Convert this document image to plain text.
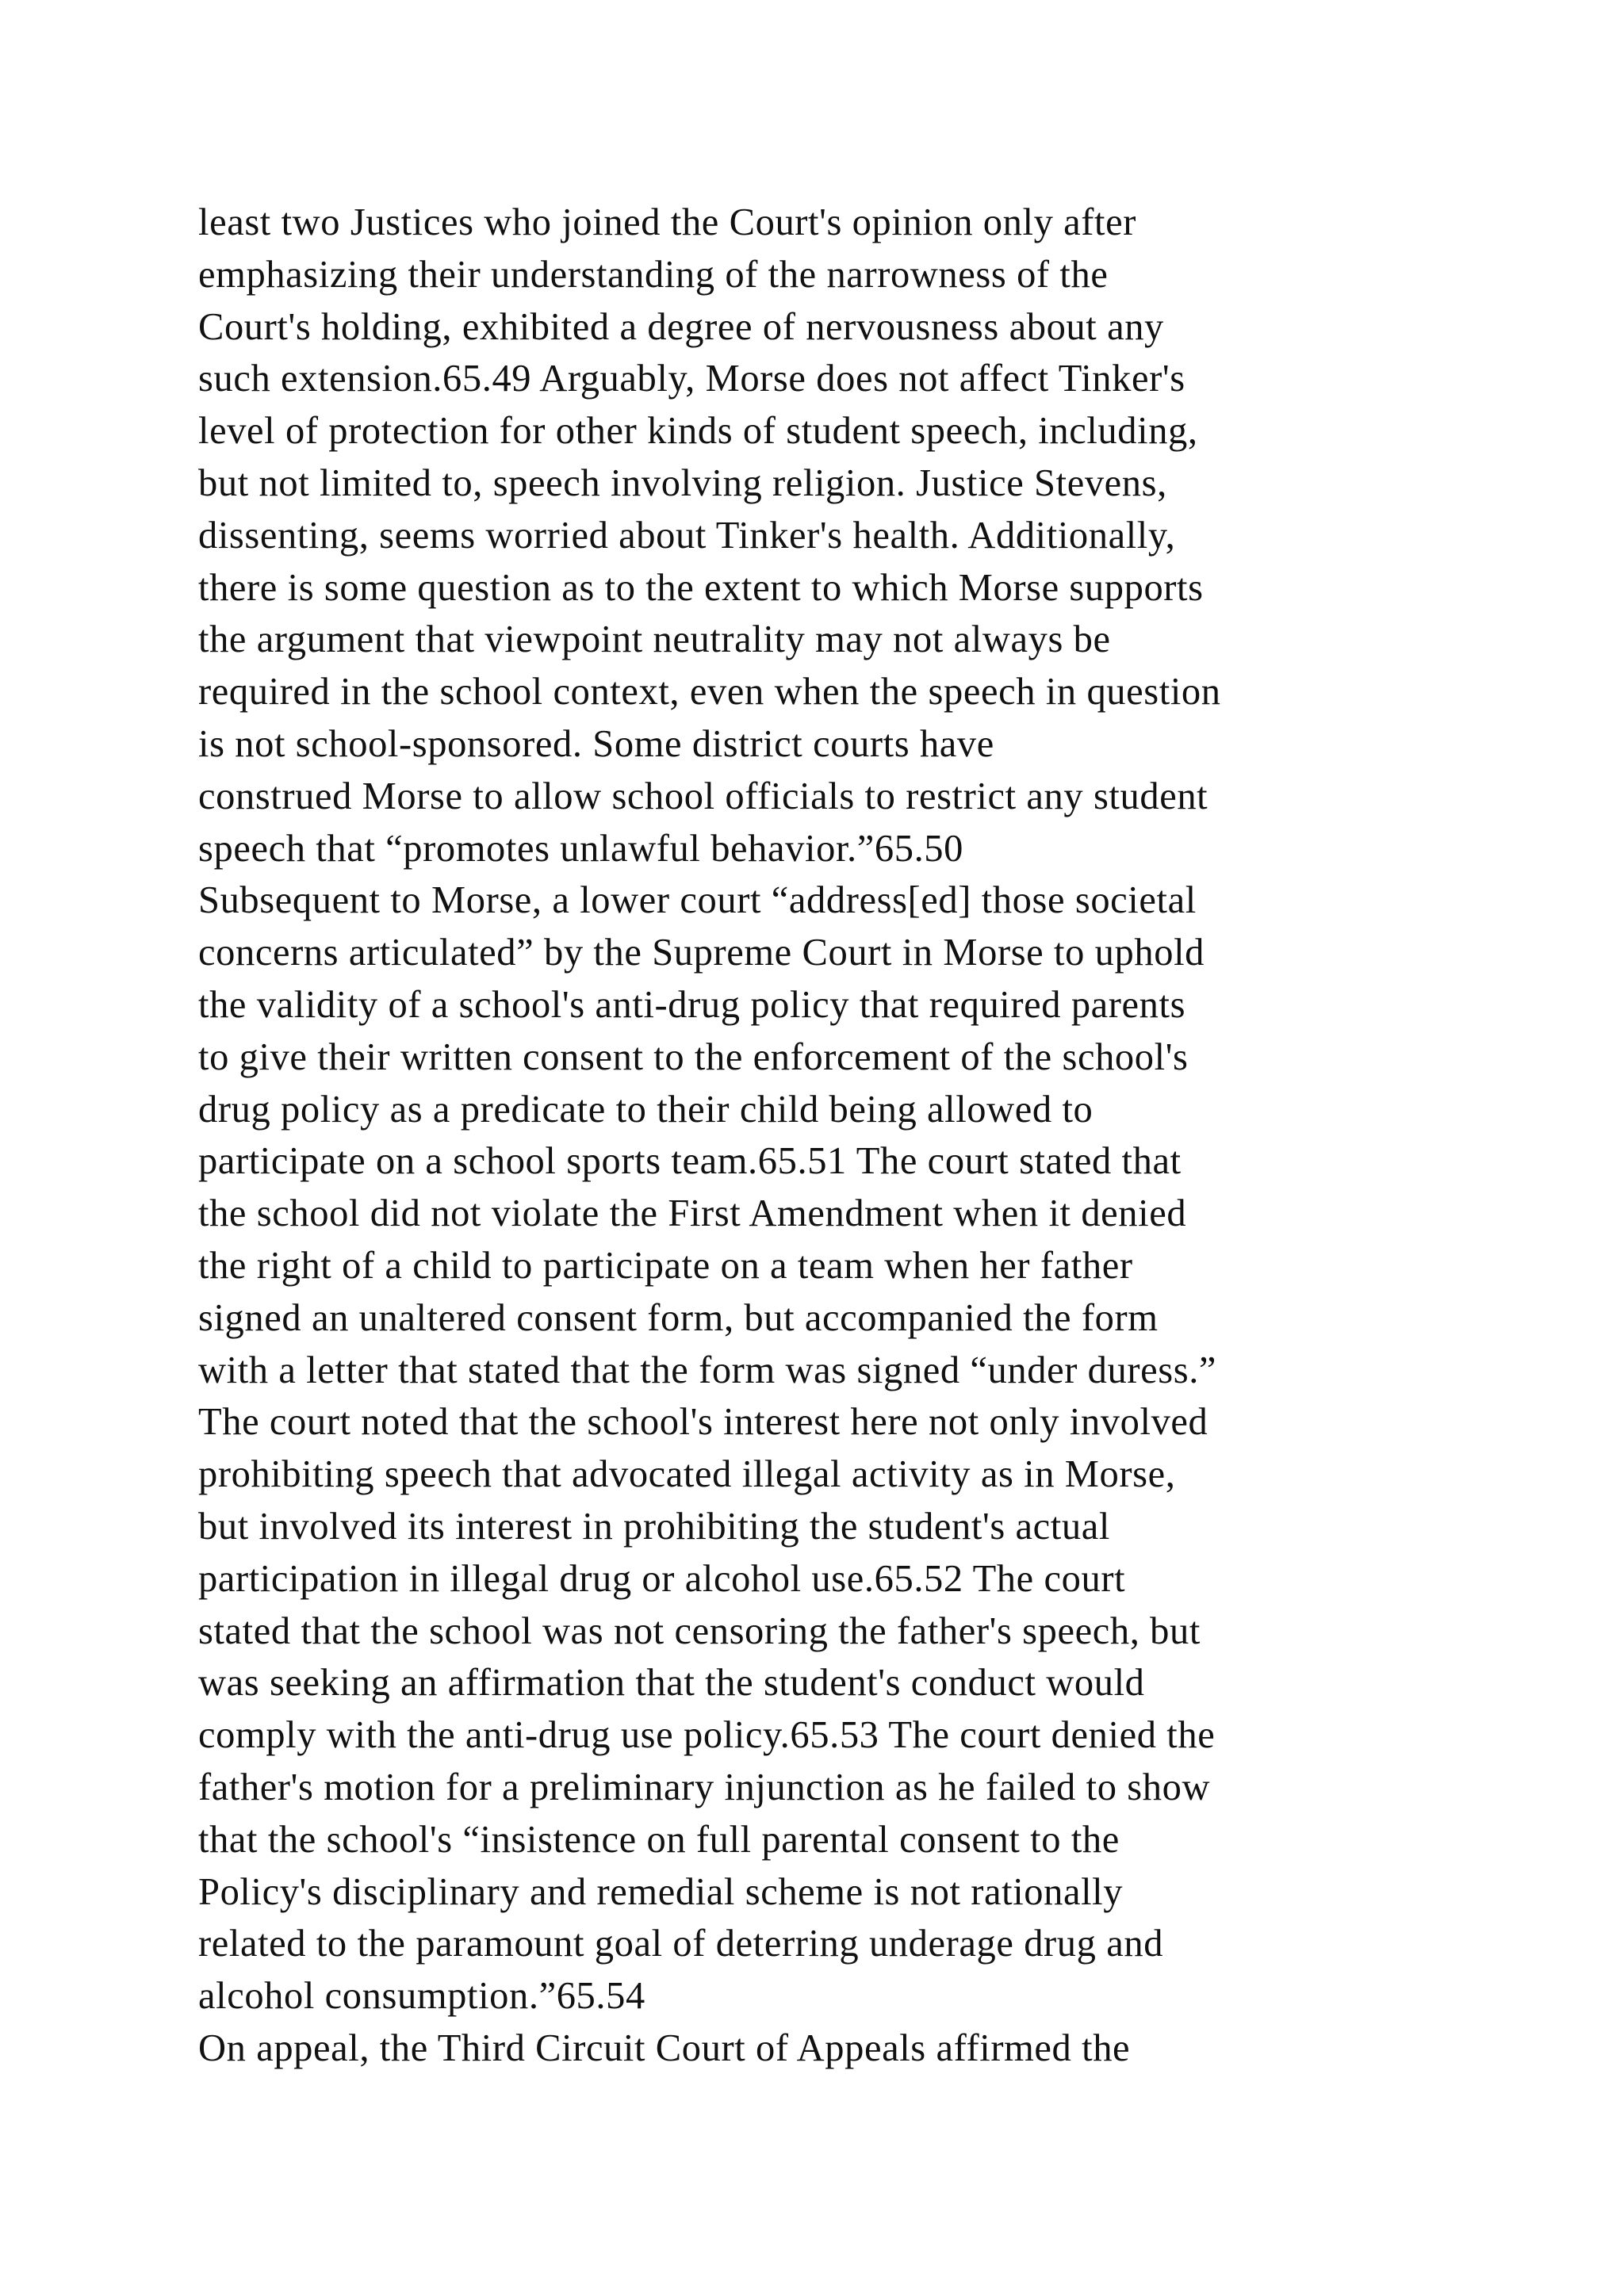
least two Justices who joined the Court's opinion only after
emphasizing their understanding of the narrowness of the
Court's holding, exhibited a degree of nervousness about any
such extension.65.49 Arguably, Morse does not affect Tinker's
level of protection for other kinds of student speech, including,
but not limited to, speech involving religion. Justice Stevens,
dissenting, seems worried about Tinker's health. Additionally,
there is some question as to the extent to which Morse supports
the argument that viewpoint neutrality may not always be
required in the school context, even when the speech in question
is not school-sponsored. Some district courts have
construed Morse to allow school officials to restrict any student
speech that “promotes unlawful behavior.”65.50
Subsequent to Morse, a lower court “address[ed] those societal
concerns articulated” by the Supreme Court in Morse to uphold
the validity of a school's anti-drug policy that required parents
to give their written consent to the enforcement of the school's
drug policy as a predicate to their child being allowed to
participate on a school sports team.65.51 The court stated that
the school did not violate the First Amendment when it denied
the right of a child to participate on a team when her father
signed an unaltered consent form, but accompanied the form
with a letter that stated that the form was signed “under duress.”
The court noted that the school's interest here not only involved
prohibiting speech that advocated illegal activity as in Morse,
but involved its interest in prohibiting the student's actual
participation in illegal drug or alcohol use.65.52 The court
stated that the school was not censoring the father's speech, but
was seeking an affirmation that the student's conduct would
comply with the anti-drug use policy.65.53 The court denied the
father's motion for a preliminary injunction as he failed to show
that the school's “insistence on full parental consent to the
Policy's disciplinary and remedial scheme is not rationally
related to the paramount goal of deterring underage drug and
alcohol consumption.”65.54
On appeal, the Third Circuit Court of Appeals affirmed the
